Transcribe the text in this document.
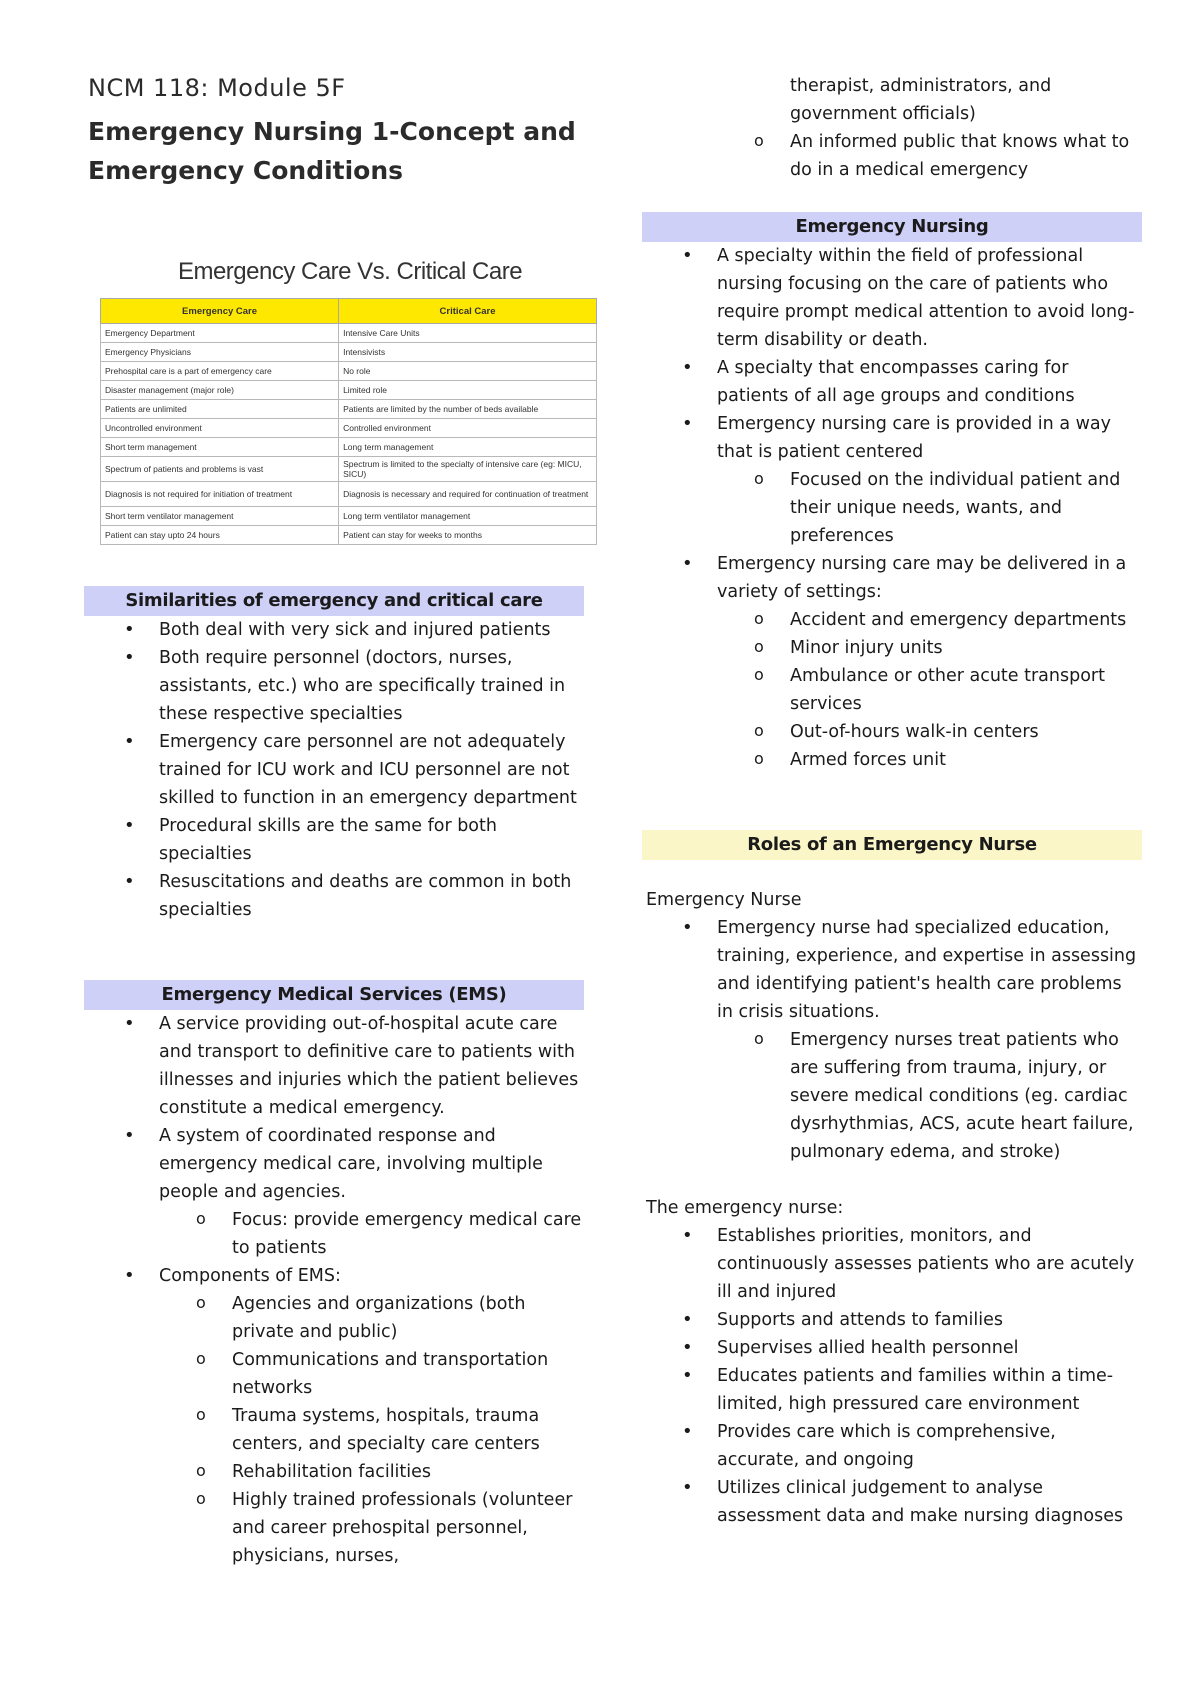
NCM 118: Module 5F
Emergency Nursing 1-Concept and Emergency Conditions
Emergency Care Vs. Critical Care
Emergency Care	Critical Care
Emergency Department	Intensive Care Units
Emergency Physicians	Intensivists
Prehospital care is a part of emergency care	No role
Disaster management (major role)	Limited role
Patients are unlimited	Patients are limited by the number of beds available
Uncontrolled environment	Controlled environment
Short term management	Long term management
Spectrum of patients and problems is vast	Spectrum is limited to the specialty of intensive care (eg: MICU, SICU)
Diagnosis is not required for initiation of treatment	Diagnosis is necessary and required for continuation of treatment
Short term ventilator management	Long term ventilator management
Patient can stay upto 24 hours	Patient can stay for weeks to months
Similarities of emergency and critical care
• Both deal with very sick and injured patients
• Both require personnel (doctors, nurses, assistants, etc.) who are specifically trained in these respective specialties
• Emergency care personnel are not adequately trained for ICU work and ICU personnel are not skilled to function in an emergency department
• Procedural skills are the same for both specialties
• Resuscitations and deaths are common in both specialties
Emergency Medical Services (EMS)
• A service providing out-of-hospital acute care and transport to definitive care to patients with illnesses and injuries which the patient believes constitute a medical emergency.
• A system of coordinated response and emergency medical care, involving multiple people and agencies.
o Focus: provide emergency medical care to patients
• Components of EMS:
o Agencies and organizations (both private and public)
o Communications and transportation networks
o Trauma systems, hospitals, trauma centers, and specialty care centers
o Rehabilitation facilities
o Highly trained professionals (volunteer and career prehospital personnel, physicians, nurses,
therapist, administrators, and government officials)
o An informed public that knows what to do in a medical emergency
Emergency Nursing
• A specialty within the field of professional nursing focusing on the care of patients who require prompt medical attention to avoid long-term disability or death.
• A specialty that encompasses caring for patients of all age groups and conditions
• Emergency nursing care is provided in a way that is patient centered
o Focused on the individual patient and their unique needs, wants, and preferences
• Emergency nursing care may be delivered in a variety of settings:
o Accident and emergency departments
o Minor injury units
o Ambulance or other acute transport services
o Out-of-hours walk-in centers
o Armed forces unit
Roles of an Emergency Nurse
Emergency Nurse
• Emergency nurse had specialized education, training, experience, and expertise in assessing and identifying patient's health care problems in crisis situations.
o Emergency nurses treat patients who are suffering from trauma, injury, or severe medical conditions (eg. cardiac dysrhythmias, ACS, acute heart failure, pulmonary edema, and stroke)
The emergency nurse:
• Establishes priorities, monitors, and continuously assesses patients who are acutely ill and injured
• Supports and attends to families
• Supervises allied health personnel
• Educates patients and families within a time-limited, high pressured care environment
• Provides care which is comprehensive, accurate, and ongoing
• Utilizes clinical judgement to analyse assessment data and make nursing diagnoses
